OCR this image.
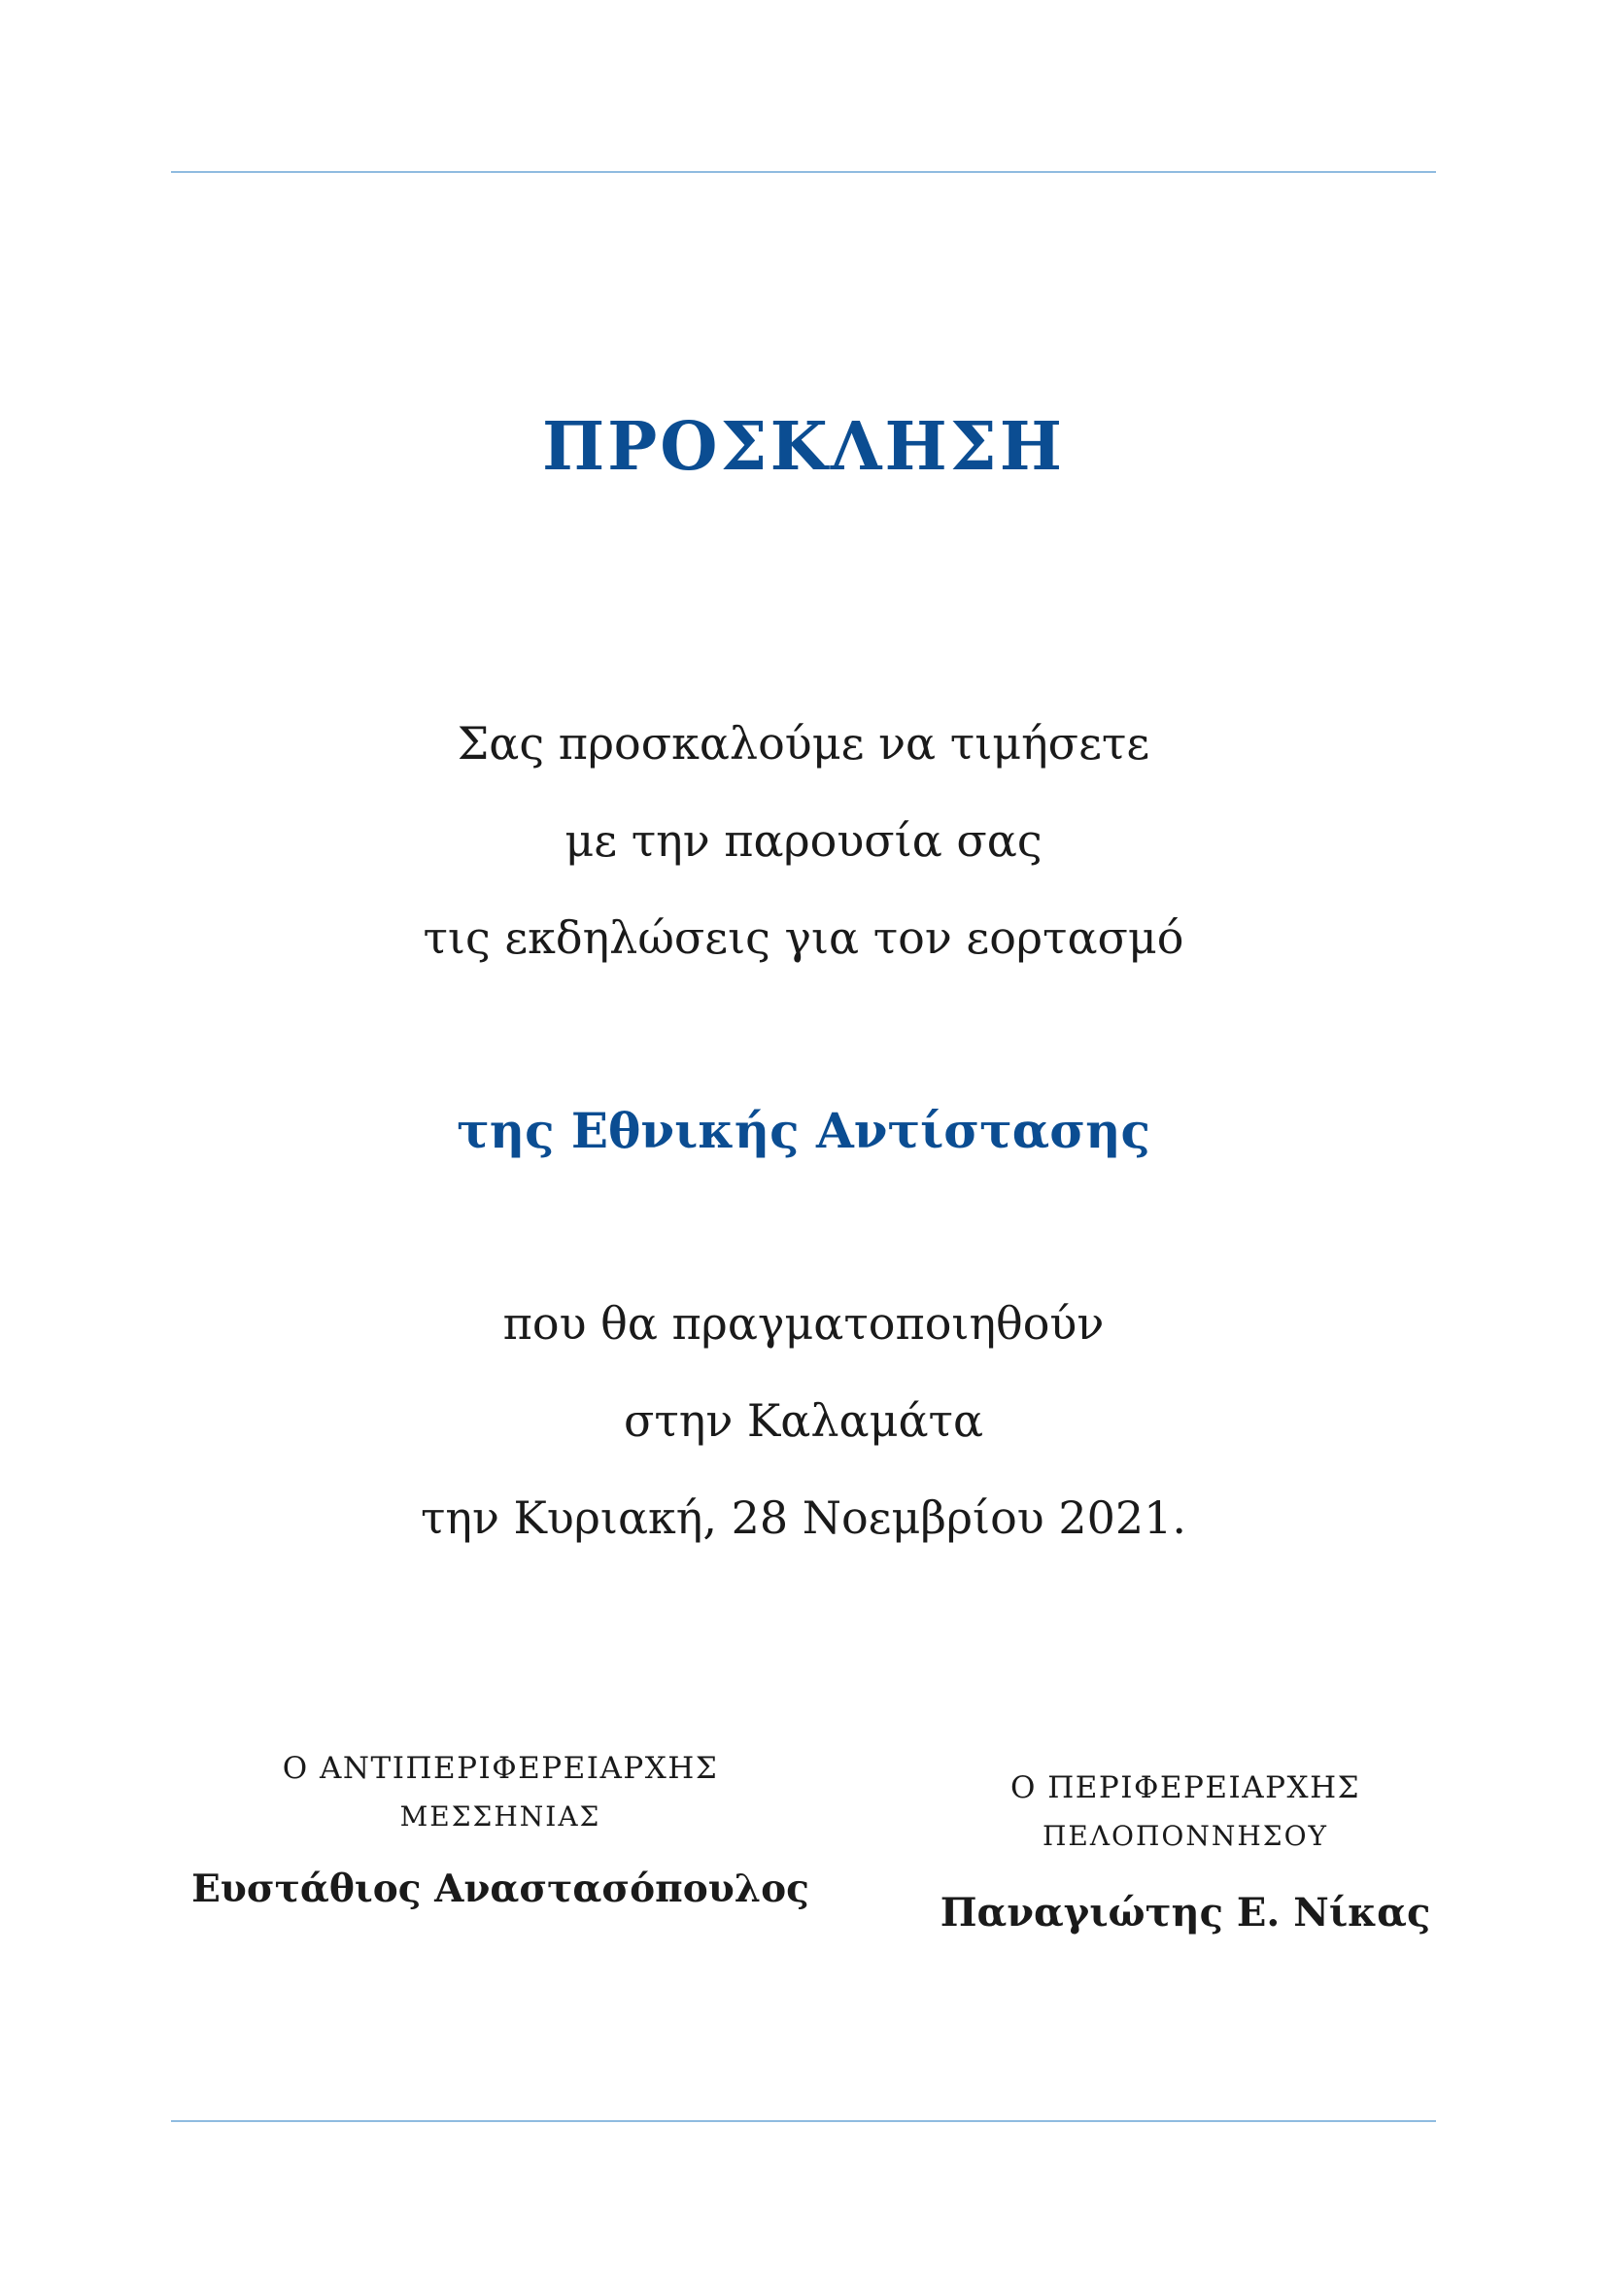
ΠΡΟΣΚΛΗΣΗ
Σας προσκαλούμε να τιμήσετε
με την παρουσία σας
τις εκδηλώσεις για τον εορτασμό
της Εθνικής Αντίστασης
που θα πραγματοποιηθούν
στην Καλαμάτα
την Κυριακή, 28 Νοεμβρίου 2021.
Ο ΑΝΤΙΠΕΡΙΦΕΡΕΙΑΡΧΗΣ
ΜΕΣΣΗΝΙΑΣ
Ευστάθιος Αναστασόπουλος
Ο ΠΕΡΙΦΕΡΕΙΑΡΧΗΣ
ΠΕΛΟΠΟΝΝΗΣΟΥ
Παναγιώτης Ε. Νίκας
